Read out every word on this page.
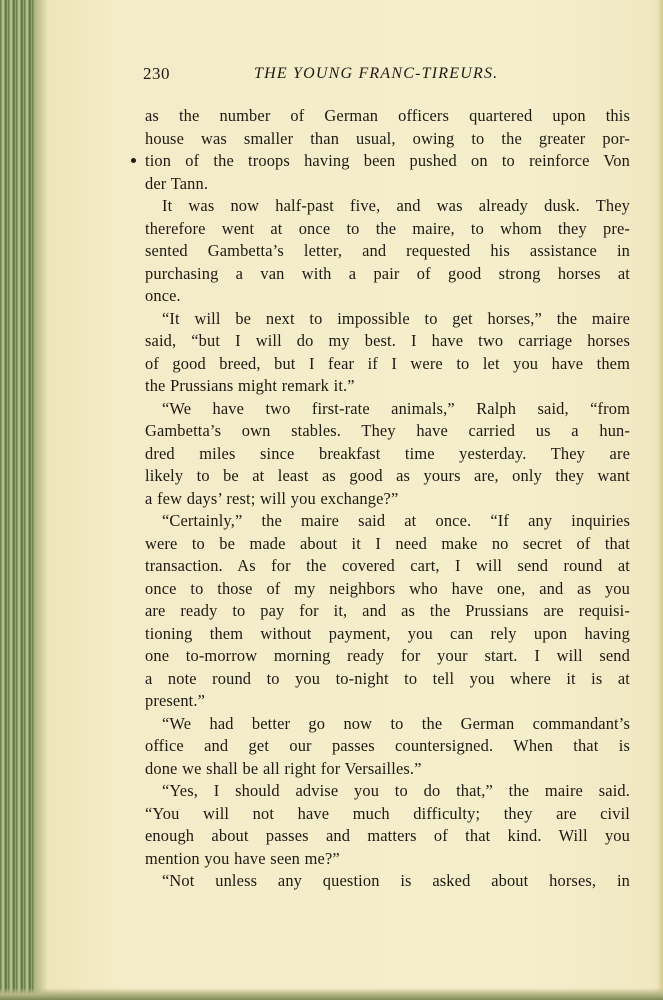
230	THE YOUNG FRANC-TIREURS.
as the number of German officers quartered upon this
house was smaller than usual, owing to the greater por-
tion of the troops having been pushed on to reinforce Von
der Tann.
It was now half-past five, and was already dusk. They
therefore went at once to the maire, to whom they pre-
sented Gambetta’s letter, and requested his assistance in
purchasing a van with a pair of good strong horses at
once.
“It will be next to impossible to get horses,” the maire
said, “but I will do my best. I have two carriage horses
of good breed, but I fear if I were to let you have them
the Prussians might remark it.”
“We have two first-rate animals,” Ralph said, “from
Gambetta’s own stables. They have carried us a hun-
dred miles since breakfast time yesterday. They are
likely to be at least as good as yours are, only they want
a few days’ rest; will you exchange?”
“Certainly,” the maire said at once. “If any inquiries
were to be made about it I need make no secret of that
transaction. As for the covered cart, I will send round at
once to those of my neighbors who have one, and as you
are ready to pay for it, and as the Prussians are requisi-
tioning them without payment, you can rely upon having
one to-morrow morning ready for your start. I will send
a note round to you to-night to tell you where it is at
present.”
“We had better go now to the German commandant’s
office and get our passes countersigned. When that is
done we shall be all right for Versailles.”
“Yes, I should advise you to do that,” the maire said.
“You will not have much difficulty; they are civil
enough about passes and matters of that kind. Will you
mention you have seen me?”
“Not unless any question is asked about horses, in
